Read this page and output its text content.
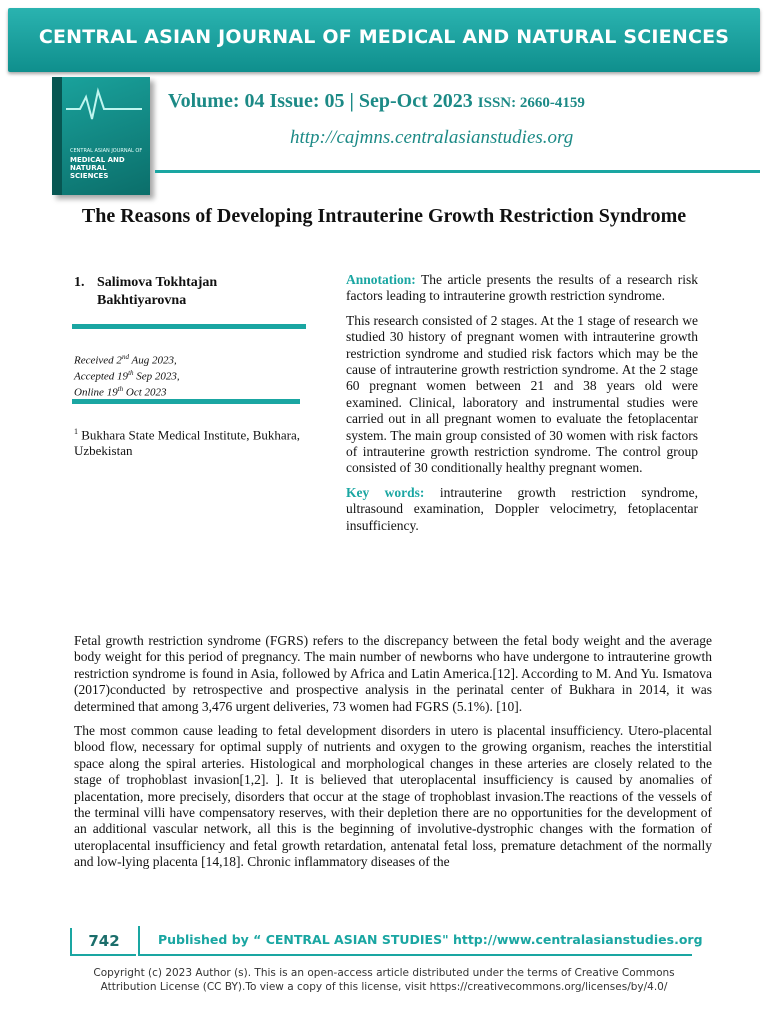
CENTRAL ASIAN JOURNAL OF MEDICAL AND NATURAL SCIENCES
CENTRAL ASIAN JOURNAL OF
MEDICAL AND NATURAL SCIENCES
Volume: 04 Issue: 05 | Sep-Oct 2023 ISSN: 2660-4159
http://cajmns.centralasianstudies.org
The Reasons of Developing Intrauterine Growth Restriction Syndrome
1. Salimova Tokhtajan
Bakhtiyarovna
Received 2nd Aug 2023,
Accepted 19th Sep 2023,
Online 19th Oct 2023
$^1$ Bukhara State Medical Institute, Bukhara, Uzbekistan

Annotation: The article presents the results of a research risk factors leading to intrauterine growth restriction syndrome.

This research consisted of 2 stages. At the 1 stage of research we studied 30 history of pregnant women with intrauterine growth restriction syndrome and studied risk factors which may be the cause of intrauterine growth restriction syndrome. At the 2 stage 60 pregnant women between 21 and 38 years old were examined. Clinical, laboratory and instrumental studies were carried out in all pregnant women to evaluate the fetoplacentar system. The main group consisted of 30 women with risk factors of intrauterine growth restriction syndrome. The control group consisted of 30 conditionally healthy pregnant women.

Key words: intrauterine growth restriction syndrome, ultrasound examination, Doppler velocimetry, fetoplacentar insufficiency.

Fetal growth restriction syndrome (FGRS) refers to the discrepancy between the fetal body weight and the average body weight for this period of pregnancy. The main number of newborns who have undergone to intrauterine growth restriction syndrome is found in Asia, followed by Africa and Latin America.[12]. According to M. And Yu. Ismatova (2017)conducted by retrospective and prospective analysis in the perinatal center of Bukhara in 2014, it was determined that among 3,476 urgent deliveries, 73 women had FGRS (5.1%). [10].

The most common cause leading to fetal development disorders in utero is placental insufficiency. Utero-placental blood flow, necessary for optimal supply of nutrients and oxygen to the growing organism, reaches the interstitial space along the spiral arteries. Histological and morphological changes in these arteries are closely related to the stage of trophoblast invasion[1,2]. ]. It is believed that uteroplacental insufficiency is caused by anomalies of placentation, more precisely, disorders that occur at the stage of trophoblast invasion.The reactions of the vessels of the terminal villi have compensatory reserves, with their depletion there are no opportunities for the development of an additional vascular network, all this is the beginning of involutive-dystrophic changes with the formation of uteroplacental insufficiency and fetal growth retardation, antenatal fetal loss, premature detachment of the normally and low-lying placenta [14,18]. Chronic inflammatory diseases of the

742	Published by “ CENTRAL ASIAN STUDIES" http://www.centralasianstudies.org
Copyright (c) 2023 Author (s). This is an open-access article distributed under the terms of Creative Commons
Attribution License (CC BY).To view a copy of this license, visit https://creativecommons.org/licenses/by/4.0/
